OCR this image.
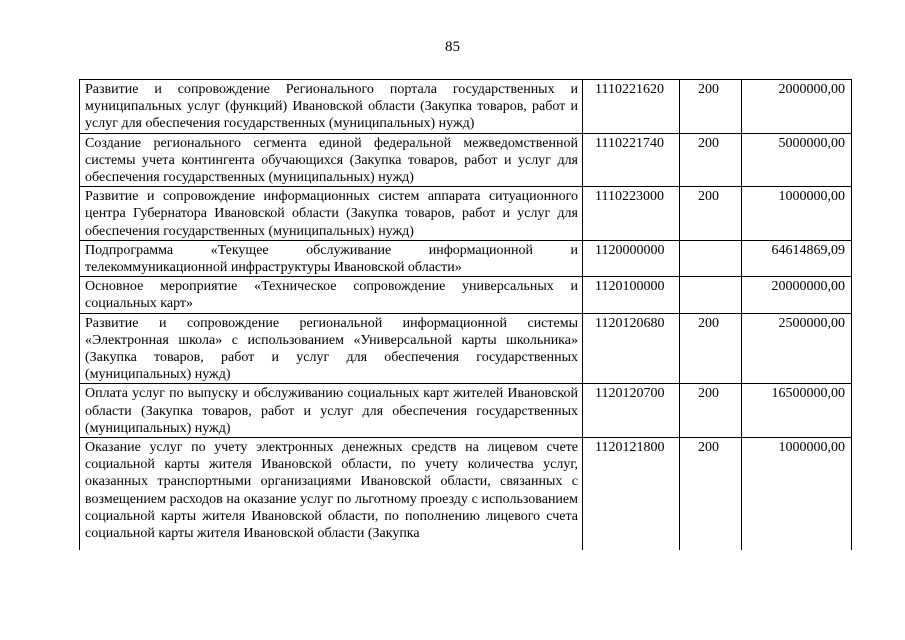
85
Развитие и сопровождение Регионального портала государственных и муниципальных услуг (функций) Ивановской области (Закупка товаров, работ и услуг для обеспечения государственных (муниципальных) нужд)	1110221620	200	2000000,00
Создание регионального сегмента единой федеральной межведомственной системы учета контингента обучающихся (Закупка товаров, работ и услуг для обеспечения государственных (муниципальных) нужд)	1110221740	200	5000000,00
Развитие и сопровождение информационных систем аппарата ситуационного центра Губернатора Ивановской области (Закупка товаров, работ и услуг для обеспечения государственных (муниципальных) нужд)	1110223000	200	1000000,00
Подпрограмма «Текущее обслуживание информационной и телекоммуникационной инфраструктуры Ивановской области»	1120000000		64614869,09
Основное мероприятие «Техническое сопровождение универсальных и социальных карт»	1120100000		20000000,00
Развитие и сопровождение региональной информационной системы «Электронная школа» с использованием «Универсальной карты школьника» (Закупка товаров, работ и услуг для обеспечения государственных (муниципальных) нужд)	1120120680	200	2500000,00
Оплата услуг по выпуску и обслуживанию социальных карт жителей Ивановской области (Закупка товаров, работ и услуг для обеспечения государственных (муниципальных) нужд)	1120120700	200	16500000,00
Оказание услуг по учету электронных денежных средств на лицевом счете социальной карты жителя Ивановской области, по учету количества услуг, оказанных транспортными организациями Ивановской области, связанных с возмещением расходов на оказание услуг по льготному проезду с использованием социальной карты жителя Ивановской области, по пополнению лицевого счета социальной карты жителя Ивановской области (Закупка	1120121800	200	1000000,00
